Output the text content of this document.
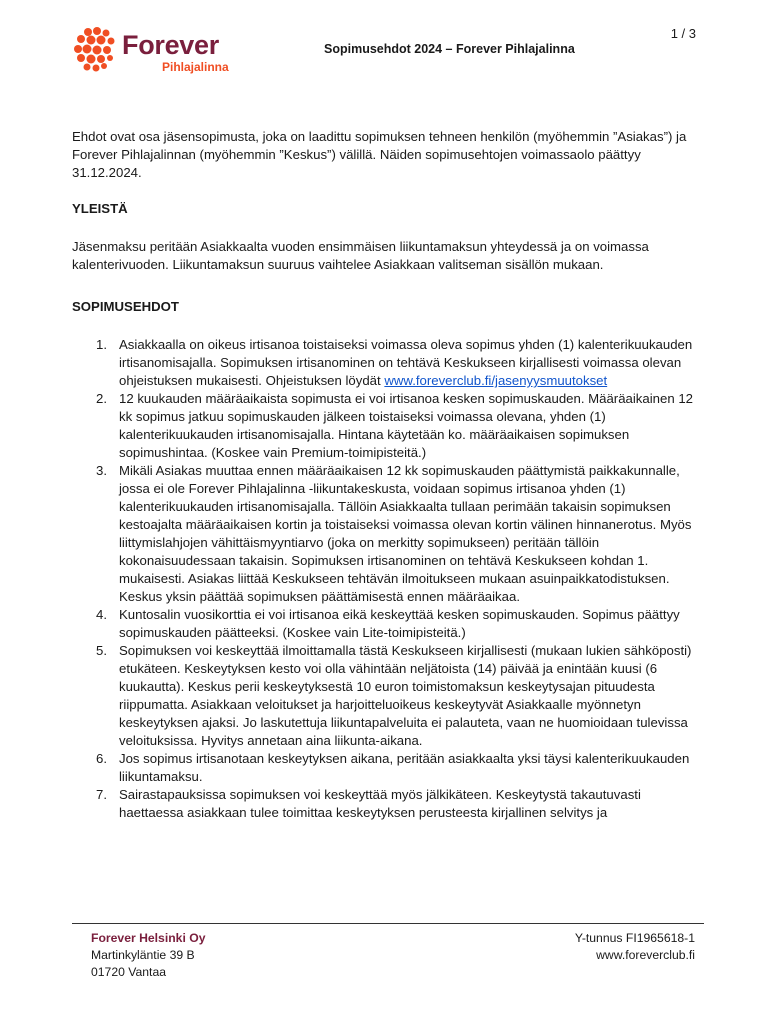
1 / 3
Forever
Pihlajalinna
Sopimusehdot 2024 – Forever Pihlajalinna

Ehdot ovat osa jäsensopimusta, joka on laadittu sopimuksen tehneen henkilön (myöhemmin ”Asiakas”) ja Forever Pihlajalinnan (myöhemmin ”Keskus”) välillä. Näiden sopimusehtojen voimassaolo päättyy 31.12.2024.

YLEISTÄ

Jäsenmaksu peritään Asiakkaalta vuoden ensimmäisen liikuntamaksun yhteydessä ja on voimassa kalenterivuoden. Liikuntamaksun suuruus vaihtelee Asiakkaan valitseman sisällön mukaan.

SOPIMUSEHDOT

1. Asiakkaalla on oikeus irtisanoa toistaiseksi voimassa oleva sopimus yhden (1) kalenterikuukauden irtisanomisajalla. Sopimuksen irtisanominen on tehtävä Keskukseen kirjallisesti voimassa olevan ohjeistuksen mukaisesti. Ohjeistuksen löydät www.foreverclub.fi/jasenyysmuutokset
2. 12 kuukauden määräaikaista sopimusta ei voi irtisanoa kesken sopimuskauden. Määräaikainen 12 kk sopimus jatkuu sopimuskauden jälkeen toistaiseksi voimassa olevana, yhden (1) kalenterikuukauden irtisanomisajalla. Hintana käytetään ko. määräaikaisen sopimuksen sopimushintaa. (Koskee vain Premium-toimipisteitä.)
3. Mikäli Asiakas muuttaa ennen määräaikaisen 12 kk sopimuskauden päättymistä paikkakunnalle, jossa ei ole Forever Pihlajalinna -liikuntakeskusta, voidaan sopimus irtisanoa yhden (1) kalenterikuukauden irtisanomisajalla. Tällöin Asiakkaalta tullaan perimään takaisin sopimuksen kestoajalta määräaikaisen kortin ja toistaiseksi voimassa olevan kortin välinen hinnanerotus. Myös liittymislahjojen vähittäismyyntiarvo (joka on merkitty sopimukseen) peritään tällöin kokonaisuudessaan takaisin. Sopimuksen irtisanominen on tehtävä Keskukseen kohdan 1. mukaisesti. Asiakas liittää Keskukseen tehtävän ilmoitukseen mukaan asuinpaikkatodistuksen. Keskus yksin päättää sopimuksen päättämisestä ennen määräaikaa.
4. Kuntosalin vuosikorttia ei voi irtisanoa eikä keskeyttää kesken sopimuskauden. Sopimus päättyy sopimuskauden päätteeksi. (Koskee vain Lite-toimipisteitä.)
5. Sopimuksen voi keskeyttää ilmoittamalla tästä Keskukseen kirjallisesti (mukaan lukien sähköposti) etukäteen. Keskeytyksen kesto voi olla vähintään neljätoista (14) päivää ja enintään kuusi (6 kuukautta). Keskus perii keskeytyksestä 10 euron toimistomaksun keskeytysajan pituudesta riippumatta. Asiakkaan veloitukset ja harjoitteluoikeus keskeytyvät Asiakkaalle myönnetyn keskeytyksen ajaksi. Jo laskutettuja liikuntapalveluita ei palauteta, vaan ne huomioidaan tulevissa veloituksissa. Hyvitys annetaan aina liikunta-aikana.
6. Jos sopimus irtisanotaan keskeytyksen aikana, peritään asiakkaalta yksi täysi kalenterikuukauden liikuntamaksu.
7. Sairastapauksissa sopimuksen voi keskeyttää myös jälkikäteen. Keskeytystä takautuvasti haettaessa asiakkaan tulee toimittaa keskeytyksen perusteesta kirjallinen selvitys ja
Forever Helsinki Oy
Martinkyläntie 39 B
01720 Vantaa
Y-tunnus FI1965618-1
www.foreverclub.fi
